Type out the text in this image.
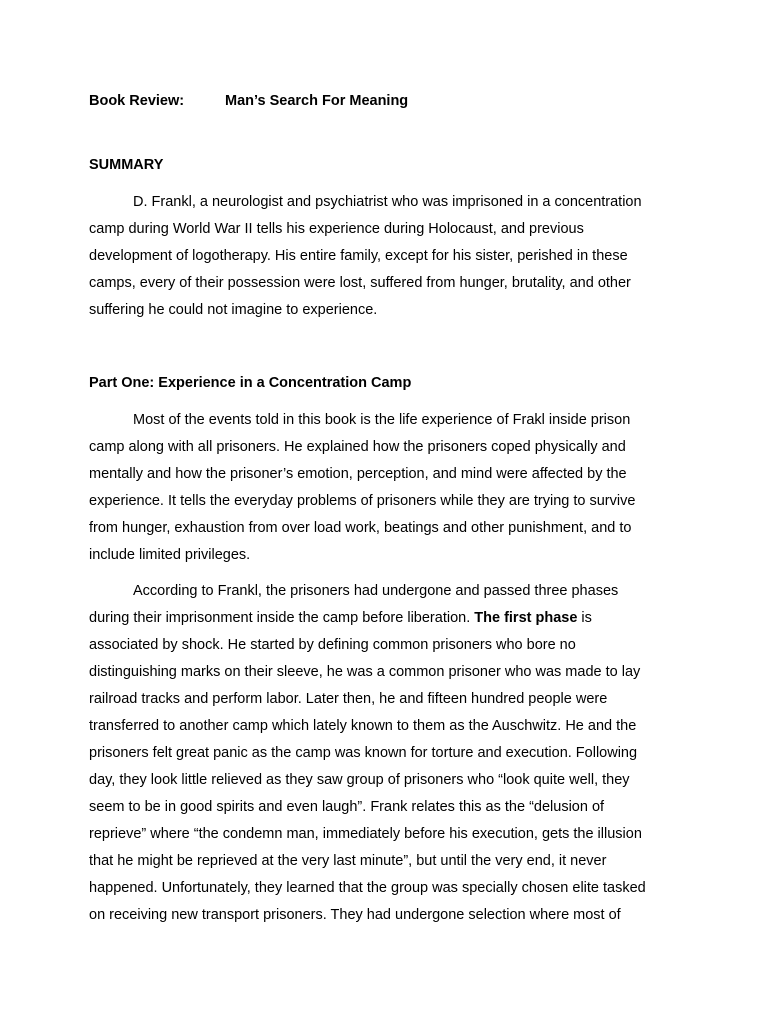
Book Review:	Man’s Search For Meaning
SUMMARY
D. Frankl, a neurologist and psychiatrist who was imprisoned in a concentration
camp during World War II tells his experience during Holocaust, and previous
development of logotherapy. His entire family, except for his sister, perished in these
camps, every of their possession were lost, suffered from hunger, brutality, and other
suffering he could not imagine to experience.
Part One: Experience in a Concentration Camp
Most of the events told in this book is the life experience of Frakl inside prison
camp along with all prisoners. He explained how the prisoners coped physically and
mentally and how the prisoner’s emotion, perception, and mind were affected by the
experience. It tells the everyday problems of prisoners while they are trying to survive
from hunger, exhaustion from over load work, beatings and other punishment, and to
include limited privileges.
According to Frankl, the prisoners had undergone and passed three phases
during their imprisonment inside the camp before liberation. The first phase is
associated by shock. He started by defining common prisoners who bore no
distinguishing marks on their sleeve, he was a common prisoner who was made to lay
railroad tracks and perform labor. Later then, he and fifteen hundred people were
transferred to another camp which lately known to them as the Auschwitz. He and the
prisoners felt great panic as the camp was known for torture and execution. Following
day, they look little relieved as they saw group of prisoners who “look quite well, they
seem to be in good spirits and even laugh”. Frank relates this as the “delusion of
reprieve” where “the condemn man, immediately before his execution, gets the illusion
that he might be reprieved at the very last minute”, but until the very end, it never
happened. Unfortunately, they learned that the group was specially chosen elite tasked
on receiving new transport prisoners. They had undergone selection where most of
